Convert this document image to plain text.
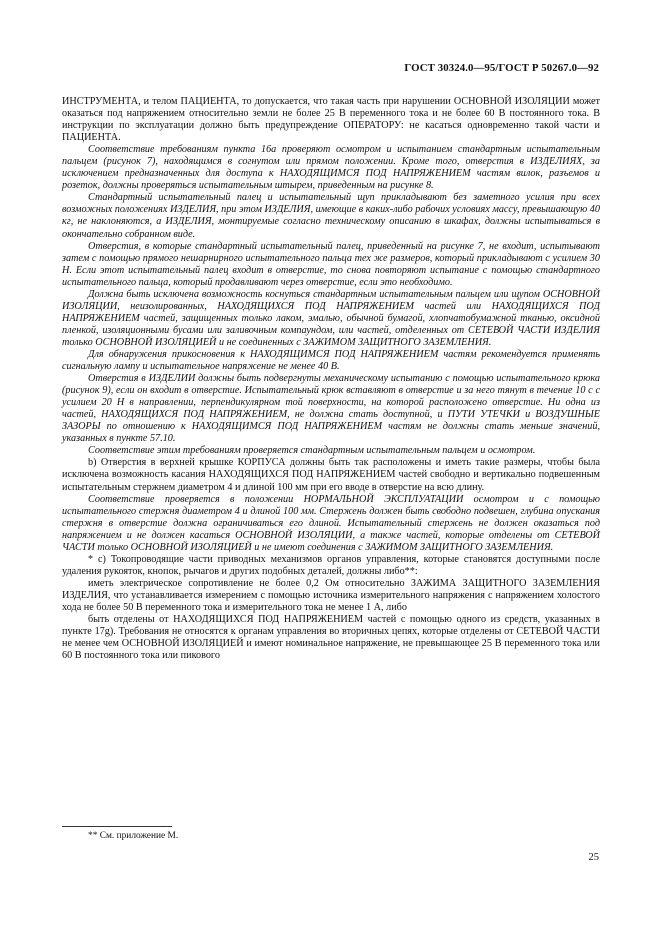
ГОСТ 30324.0—95/ГОСТ Р 50267.0—92

ИНСТРУМЕНТА, и телом ПАЦИЕНТА, то допускается, что такая часть при нарушении ОСНОВНОЙ ИЗОЛЯЦИИ может оказаться под напряжением относительно земли не более 25 В переменного тока и не более 60 В постоянного тока. В инструкции по эксплуатации должно быть предупреждение ОПЕРАТОРУ: не касаться одновременно такой части и ПАЦИЕНТА.

Соответствие требованиям пункта 16а проверяют осмотром и испытанием стандартным испытательным пальцем (рисунок 7), находящимся в согнутом или прямом положении. Кроме того, отверстия в ИЗДЕЛИЯХ, за исключением предназначенных для доступа к НАХОДЯЩИМСЯ ПОД НАПРЯЖЕНИЕМ частям вилок, разъемов и розеток, должны проверяться испытательным штырем, приведенным на рисунке 8.

Стандартный испытательный палец и испытательный щуп прикладывают без заметного усилия при всех возможных положениях ИЗДЕЛИЯ, при этом ИЗДЕЛИЯ, имеющие в каких-либо рабочих условиях массу, превышающую 40 кг, не наклоняются, а ИЗДЕЛИЯ, монтируемые согласно техническому описанию в шкафах, должны испытываться в окончательно собранном виде.

Отверстия, в которые стандартный испытательный палец, приведенный на рисунке 7, не входит, испытывают затем с помощью прямого нешарнирного испытательного пальца тех же размеров, который прикладывают с усилием 30 Н. Если этот испытательный палец входит в отверстие, то снова повторяют испытание с помощью стандартного испытательного пальца, который продавливают через отверстие, если это необходимо.

Должна быть исключена возможность коснуться стандартным испытательным пальцем или щупом ОСНОВНОЙ ИЗОЛЯЦИИ, неизолированных, НАХОДЯЩИХСЯ ПОД НАПРЯЖЕНИЕМ частей или НАХОДЯЩИХСЯ ПОД НАПРЯЖЕНИЕМ частей, защищенных только лаком, эмалью, обычной бумагой, хлопчатобумажной тканью, оксидной пленкой, изоляционными бусами или заливочным компаундом, или частей, отделенных от СЕТЕВОЙ ЧАСТИ ИЗДЕЛИЯ только ОСНОВНОЙ ИЗОЛЯЦИЕЙ и не соединенных с ЗАЖИМОМ ЗАЩИТНОГО ЗАЗЕМЛЕНИЯ.

Для обнаружения прикосновения к НАХОДЯЩИМСЯ ПОД НАПРЯЖЕНИЕМ частям рекомендуется применять сигнальную лампу и испытательное напряжение не менее 40 В.

Отверстия в ИЗДЕЛИИ должны быть подвергнуты механическому испытанию с помощью испытательного крюка (рисунок 9), если он входит в отверстие. Испытательный крюк вставляют в отверстие и за него тянут в течение 10 с с усилием 20 Н в направлении, перпендикулярном той поверхности, на которой расположено отверстие. Ни одна из частей, НАХОДЯЩИХСЯ ПОД НАПРЯЖЕНИЕМ, не должна стать доступной, и ПУТИ УТЕЧКИ и ВОЗДУШНЫЕ ЗАЗОРЫ по отношению к НАХОДЯЩИМСЯ ПОД НАПРЯЖЕНИЕМ частям не должны стать меньше значений, указанных в пункте 57.10.

Соответствие этим требованиям проверяется стандартным испытательным пальцем и осмотром.

b) Отверстия в верхней крышке КОРПУСА должны быть так расположены и иметь такие размеры, чтобы была исключена возможность касания НАХОДЯЩИХСЯ ПОД НАПРЯЖЕНИЕМ частей свободно и вертикально подвешенным испытательным стержнем диаметром 4 и длиной 100 мм при его вводе в отверстие на всю длину.

Соответствие проверяется в положении НОРМАЛЬНОЙ ЭКСПЛУАТАЦИИ осмотром и с помощью испытательного стержня диаметром 4 и длиной 100 мм. Стержень должен быть свободно подвешен, глубина опускания стержня в отверстие должна ограничиваться его длиной. Испытательный стержень не должен оказаться под напряжением и не должен касаться ОСНОВНОЙ ИЗОЛЯЦИИ, а также частей, которые отделены от СЕТЕВОЙ ЧАСТИ только ОСНОВНОЙ ИЗОЛЯЦИЕЙ и не имеют соединения с ЗАЖИМОМ ЗАЩИТНОГО ЗАЗЕМЛЕНИЯ.

* с) Токопроводящие части приводных механизмов органов управления, которые становятся доступными после удаления рукояток, кнопок, рычагов и других подобных деталей, должны либо**:

иметь электрическое сопротивление не более 0,2 Ом относительно ЗАЖИМА ЗАЩИТНОГО ЗАЗЕМЛЕНИЯ ИЗДЕЛИЯ, что устанавливается измерением с помощью источника измерительного напряжения с напряжением холостого хода не более 50 В переменного тока и измерительного тока не менее 1 А, либо

быть отделены от НАХОДЯЩИХСЯ ПОД НАПРЯЖЕНИЕМ частей с помощью одного из средств, указанных в пункте 17g). Требования не относятся к органам управления во вторичных цепях, которые отделены от СЕТЕВОЙ ЧАСТИ не менее чем ОСНОВНОЙ ИЗОЛЯЦИЕЙ и имеют номинальное напряжение, не превышающее 25 В переменного тока или 60 В постоянного тока или пикового

** См. приложение М.
25
